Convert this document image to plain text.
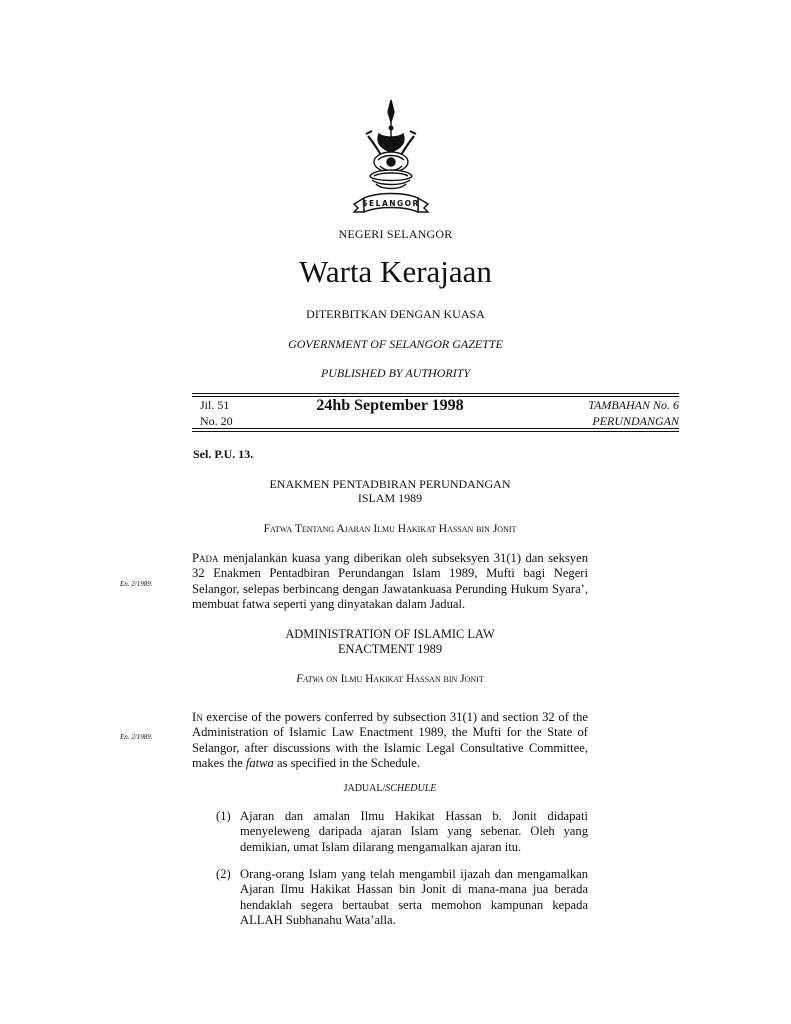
SELANGOR
NEGERI SELANGOR
Warta Kerajaan
DITERBITKAN DENGAN KUASA
GOVERNMENT OF SELANGOR GAZETTE
PUBLISHED BY AUTHORITY
Jil. 51
No. 20
24hb September 1998	TAMBAHAN No. 6
PERUNDANGAN
Sel. P.U. 13.
ENAKMEN PENTADBIRAN PERUNDANGAN
ISLAM 1989
Fatwa Tentang Ajaran Ilmu Hakikat Hassan bin Jonit
En. 2/1989.
Pada menjalankan kuasa yang diberikan oleh subseksyen 31(1) dan seksyen 32 Enakmen Pentadbiran Perundangan Islam 1989, Mufti bagi Negeri Selangor, selepas berbincang dengan Jawatankuasa Perunding Hukum Syara’, membuat fatwa seperti yang dinyatakan dalam Jadual.
ADMINISTRATION OF ISLAMIC LAW
ENACTMENT 1989
Fatwa on Ilmu Hakikat Hassan bin Jonit
En. 2/1989.
In exercise of the powers conferred by subsection 31(1) and section 32 of the Administration of Islamic Law Enactment 1989, the Mufti for the State of Selangor, after discussions with the Islamic Legal Consultative Committee, makes the fatwa as specified in the Schedule.
JADUAL/SCHEDULE
(1) Ajaran dan amalan Ilmu Hakikat Hassan b. Jonit didapati menyeleweng daripada ajaran Islam yang sebenar. Oleh yang demikian, umat Islam dilarang mengamalkan ajaran itu.
(2) Orang-orang Islam yang telah mengambil ijazah dan mengamalkan Ajaran Ilmu Hakikat Hassan bin Jonit di mana-mana jua berada hendaklah segera bertaubat serta memohon kampunan kepada ALLAH Subhanahu Wata’alla.
